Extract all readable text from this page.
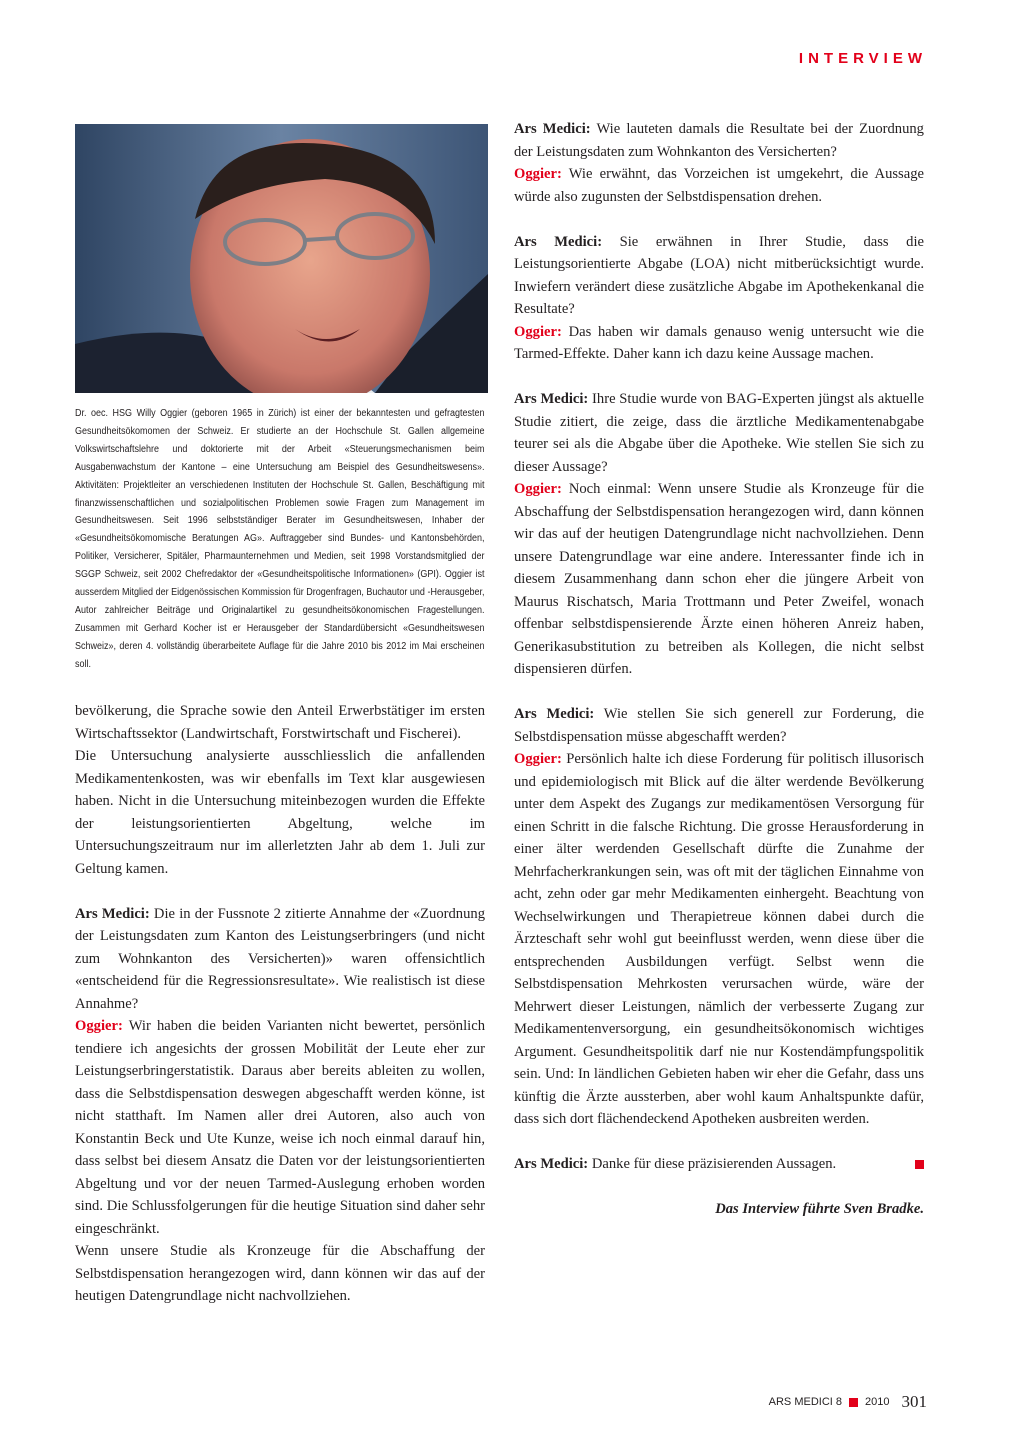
INTERVIEW
Dr. oec. HSG Willy Oggier (geboren 1965 in Zürich) ist einer der bekanntesten und gefragtesten Gesundheitsökomomen der Schweiz. Er studierte an der Hochschule St. Gallen allgemeine Volkswirtschaftslehre und doktorierte mit der Arbeit «Steuerungsmechanismen beim Ausgabenwachstum der Kantone – eine Untersuchung am Beispiel des Gesundheitswesens». Aktivitäten: Projektleiter an verschiedenen Instituten der Hochschule St. Gallen, Beschäftigung mit finanzwissenschaftlichen und sozialpolitischen Problemen sowie Fragen zum Management im Gesundheitswesen. Seit 1996 selbstständiger Berater im Gesundheitswesen, Inhaber der «Gesundheitsökomomische Beratungen AG». Auftraggeber sind Bundes- und Kantonsbehörden, Politiker, Versicherer, Spitäler, Pharmaunternehmen und Medien, seit 1998 Vorstandsmitglied der SGGP Schweiz, seit 2002 Chefredaktor der «Gesundheitspolitische Informationen» (GPI). Oggier ist ausserdem Mitglied der Eidgenössischen Kommission für Drogenfragen, Buchautor und -Herausgeber, Autor zahlreicher Beiträge und Originalartikel zu gesundheitsökonomischen Fragestellungen. Zusammen mit Gerhard Kocher ist er Herausgeber der Standardübersicht «Gesundheitswesen Schweiz», deren 4. vollständig überarbeitete Auflage für die Jahre 2010 bis 2012 im Mai erscheinen soll.

bevölkerung, die Sprache sowie den Anteil Erwerbstätiger im ersten Wirtschaftssektor (Landwirtschaft, Forstwirtschaft und Fischerei).

Die Untersuchung analysierte ausschliesslich die anfallenden Medikamentenkosten, was wir ebenfalls im Text klar ausgewiesen haben. Nicht in die Untersuchung miteinbezogen wurden die Effekte der leistungsorientierten Abgeltung, welche im Untersuchungszeitraum nur im allerletzten Jahr ab dem 1. Juli zur Geltung kamen.

Ars Medici: Die in der Fussnote 2 zitierte Annahme der «Zuordnung der Leistungsdaten zum Kanton des Leistungserbringers (und nicht zum Wohnkanton des Versicherten)» waren offensichtlich «entscheidend für die Regressionsresultate». Wie realistisch ist diese Annahme?

Oggier: Wir haben die beiden Varianten nicht bewertet, persönlich tendiere ich angesichts der grossen Mobilität der Leute eher zur Leistungserbringerstatistik. Daraus aber bereits ableiten zu wollen, dass die Selbstdispensation deswegen abgeschafft werden könne, ist nicht statthaft. Im Namen aller drei Autoren, also auch von Konstantin Beck und Ute Kunze, weise ich noch einmal darauf hin, dass selbst bei diesem Ansatz die Daten vor der leistungsorientierten Abgeltung und vor der neuen Tarmed-Auslegung erhoben worden sind. Die Schlussfolgerungen für die heutige Situation sind daher sehr eingeschränkt.

Wenn unsere Studie als Kronzeuge für die Abschaffung der Selbstdispensation herangezogen wird, dann können wir das auf der heutigen Datengrundlage nicht nachvollziehen.

Ars Medici: Wie lauteten damals die Resultate bei der Zuordnung der Leistungsdaten zum Wohnkanton des Versicherten?

Oggier: Wie erwähnt, das Vorzeichen ist umgekehrt, die Aussage würde also zugunsten der Selbstdispensation drehen.

Ars Medici: Sie erwähnen in Ihrer Studie, dass die Leistungsorientierte Abgabe (LOA) nicht mitberücksichtigt wurde. Inwiefern verändert diese zusätzliche Abgabe im Apothekenkanal die Resultate?

Oggier: Das haben wir damals genauso wenig untersucht wie die Tarmed-Effekte. Daher kann ich dazu keine Aussage machen.

Ars Medici: Ihre Studie wurde von BAG-Experten jüngst als aktuelle Studie zitiert, die zeige, dass die ärztliche Medikamentenabgabe teurer sei als die Abgabe über die Apotheke. Wie stellen Sie sich zu dieser Aussage?

Oggier: Noch einmal: Wenn unsere Studie als Kronzeuge für die Abschaffung der Selbstdispensation herangezogen wird, dann können wir das auf der heutigen Datengrundlage nicht nachvollziehen. Denn unsere Datengrundlage war eine andere. Interessanter finde ich in diesem Zusammenhang dann schon eher die jüngere Arbeit von Maurus Rischatsch, Maria Trottmann und Peter Zweifel, wonach offenbar selbstdispensierende Ärzte einen höheren Anreiz haben, Generikasubstitution zu betreiben als Kollegen, die nicht selbst dispensieren dürfen.

Ars Medici: Wie stellen Sie sich generell zur Forderung, die Selbstdispensation müsse abgeschafft werden?

Oggier: Persönlich halte ich diese Forderung für politisch illusorisch und epidemiologisch mit Blick auf die älter werdende Bevölkerung unter dem Aspekt des Zugangs zur medikamentösen Versorgung für einen Schritt in die falsche Richtung. Die grosse Herausforderung in einer älter werdenden Gesellschaft dürfte die Zunahme der Mehrfacherkrankungen sein, was oft mit der täglichen Einnahme von acht, zehn oder gar mehr Medikamenten einhergeht. Beachtung von Wechselwirkungen und Therapietreue können dabei durch die Ärzteschaft sehr wohl gut beeinflusst werden, wenn diese über die entsprechenden Ausbildungen verfügt. Selbst wenn die Selbstdispensation Mehrkosten verursachen würde, wäre der Mehrwert dieser Leistungen, nämlich der verbesserte Zugang zur Medikamentenversorgung, ein gesundheitsökonomisch wichtiges Argument. Gesundheitspolitik darf nie nur Kostendämpfungspolitik sein. Und: In ländlichen Gebieten haben wir eher die Gefahr, dass uns künftig die Ärzte aussterben, aber wohl kaum Anhaltspunkte dafür, dass sich dort flächendeckend Apotheken ausbreiten werden.

Ars Medici: Danke für diese präzisierenden Aussagen.

Das Interview führte Sven Bradke.

ARS MEDICI 8 2010 301
